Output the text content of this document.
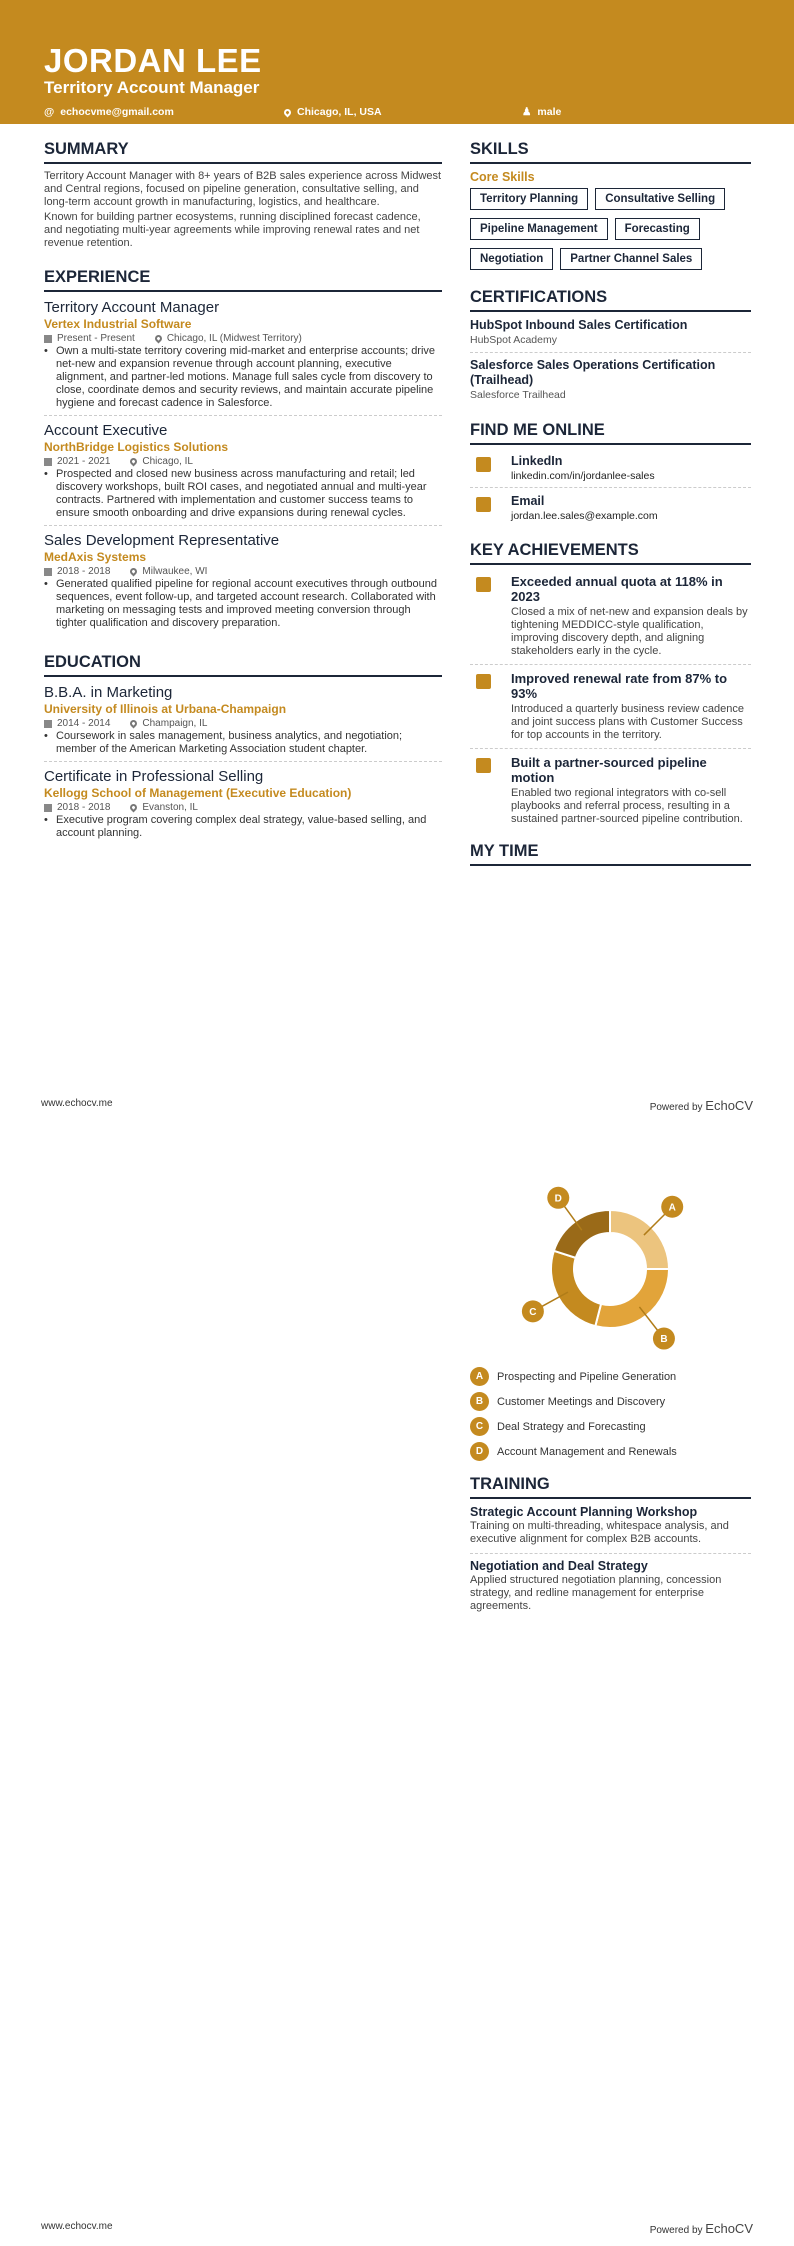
JORDAN LEE
Territory Account Manager
@ echocvme@gmail.com	Chicago, IL, USA	♟ male
SUMMARY

Territory Account Manager with 8+ years of B2B sales experience across Midwest and Central regions, focused on pipeline generation, consultative selling, and long-term account growth in manufacturing, logistics, and healthcare.

Known for building partner ecosystems, running disciplined forecast cadence, and negotiating multi-year agreements while improving renewal rates and net revenue retention.

EXPERIENCE
Territory Account Manager
Vertex Industrial Software
Present - Present	Chicago, IL (Midwest Territory)
• Own a multi-state territory covering mid-market and enterprise accounts; drive net-new and expansion revenue through account planning, executive alignment, and partner-led motions. Manage full sales cycle from discovery to close, coordinate demos and security reviews, and maintain accurate pipeline hygiene and forecast cadence in Salesforce.
Account Executive
NorthBridge Logistics Solutions
2021 - 2021	Chicago, IL
• Prospected and closed new business across manufacturing and retail; led discovery workshops, built ROI cases, and negotiated annual and multi-year contracts. Partnered with implementation and customer success teams to ensure smooth onboarding and drive expansions during renewal cycles.
Sales Development Representative
MedAxis Systems
2018 - 2018	Milwaukee, WI
• Generated qualified pipeline for regional account executives through outbound sequences, event follow-up, and targeted account research. Collaborated with marketing on messaging tests and improved meeting conversion through tighter qualification and discovery preparation.
EDUCATION
B.B.A. in Marketing
University of Illinois at Urbana-Champaign
2014 - 2014	Champaign, IL
• Coursework in sales management, business analytics, and negotiation; member of the American Marketing Association student chapter.
Certificate in Professional Selling
Kellogg School of Management (Executive Education)
2018 - 2018	Evanston, IL
• Executive program covering complex deal strategy, value-based selling, and account planning.
SKILLS
Core Skills
Territory Planning	Consultative Selling
Pipeline Management	Forecasting
Negotiation	Partner Channel Sales
CERTIFICATIONS
HubSpot Inbound Sales Certification
HubSpot Academy
Salesforce Sales Operations Certification (Trailhead)
Salesforce Trailhead
FIND ME ONLINE
LinkedIn
linkedin.com/in/jordanlee-sales
Email
jordan.lee.sales@example.com
KEY ACHIEVEMENTS
Exceeded annual quota at 118% in 2023
Closed a mix of net-new and expansion deals by tightening MEDDICC-style qualification, improving discovery depth, and aligning stakeholders early in the cycle.
Improved renewal rate from 87% to 93%
Introduced a quarterly business review cadence and joint success plans with Customer Success for top accounts in the territory.
Built a partner-sourced pipeline motion
Enabled two regional integrators with co-sell playbooks and referral process, resulting in a sustained partner-sourced pipeline contribution.
MY TIME
www.echocv.me	Powered by EchoCV
A
B
C
D
A	Prospecting and Pipeline Generation
B	Customer Meetings and Discovery
C	Deal Strategy and Forecasting
D	Account Management and Renewals
TRAINING
Strategic Account Planning Workshop
Training on multi-threading, whitespace analysis, and executive alignment for complex B2B accounts.
Negotiation and Deal Strategy
Applied structured negotiation planning, concession strategy, and redline management for enterprise agreements.
www.echocv.me	Powered by EchoCV
